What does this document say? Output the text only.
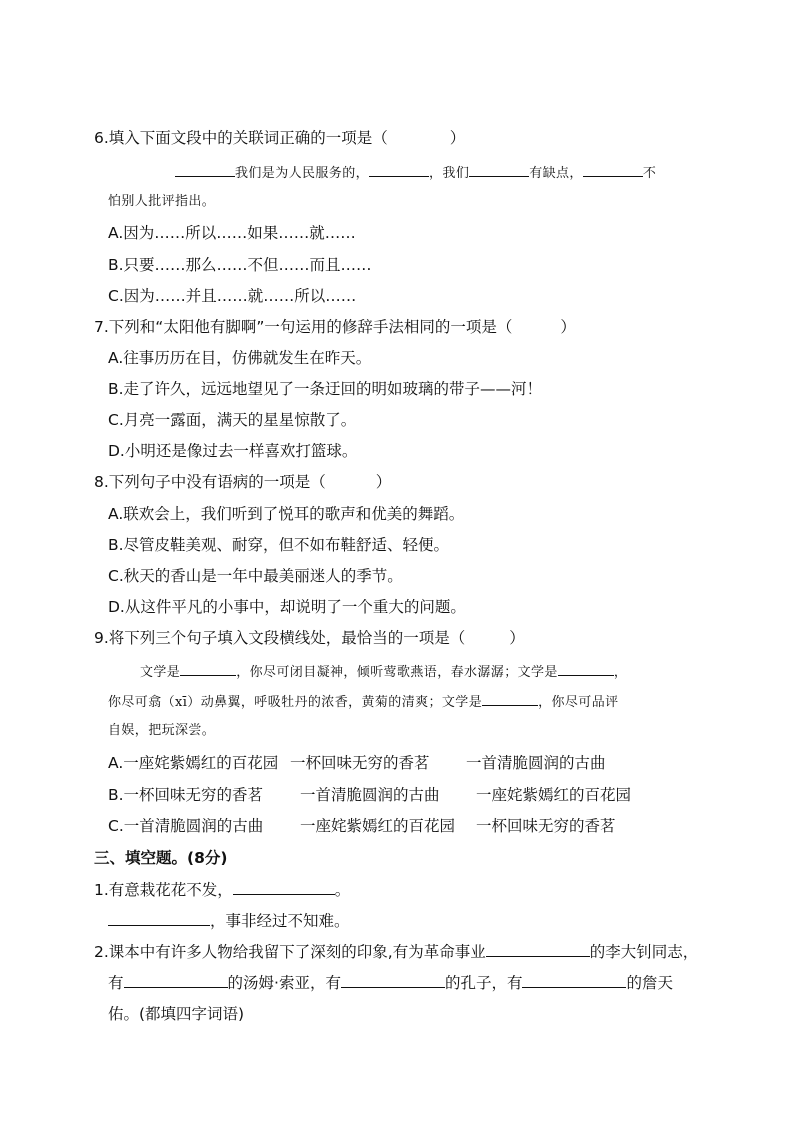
6.填入下面文段中的关联词正确的一项是（	）
我们是为人民服务的，	，我们	有缺点，	不
怕别人批评指出。
A.因为……所以……如果……就……
B.只要……那么……不但……而且……
C.因为……并且……就……所以……
7.下列和“太阳他有脚啊”一句运用的修辞手法相同的一项是（	）
A.往事历历在目，仿佛就发生在昨天。
B.走了许久，远远地望见了一条迂回的明如玻璃的带子——河！
C.月亮一露面，满天的星星惊散了。
D.小明还是像过去一样喜欢打篮球。
8.下列句子中没有语病的一项是（	）
A.联欢会上，我们听到了悦耳的歌声和优美的舞蹈。
B.尽管皮鞋美观、耐穿，但不如布鞋舒适、轻便。
C.秋天的香山是一年中最美丽迷人的季节。
D.从这件平凡的小事中，却说明了一个重大的问题。
9.将下列三个句子填入文段横线处，最恰当的一项是（	）
文学是	，你尽可闭目凝神，倾听莺歌燕语，春水潺潺；文学是	，
你尽可翕（xī）动鼻翼，呼吸牡丹的浓香，黄菊的清爽；文学是	，你尽可品评
自娱，把玩深尝。
A.一座姹紫嫣红的百花园 一杯回味无穷的香茗 一首清脆圆润的古曲
B.一杯回味无穷的香茗 一首清脆圆润的古曲 一座姹紫嫣红的百花园
C.一首清脆圆润的古曲 一座姹紫嫣红的百花园 一杯回味无穷的香茗
三、填空题。(8分)
1.有意栽花花不发，	。
，事非经过不知难。
2.课本中有许多人物给我留下了深刻的印象,有为革命事业	的李大钊同志，
有	的汤姆·索亚，有	的孔子，有	的詹天
佑。(都填四字词语)
